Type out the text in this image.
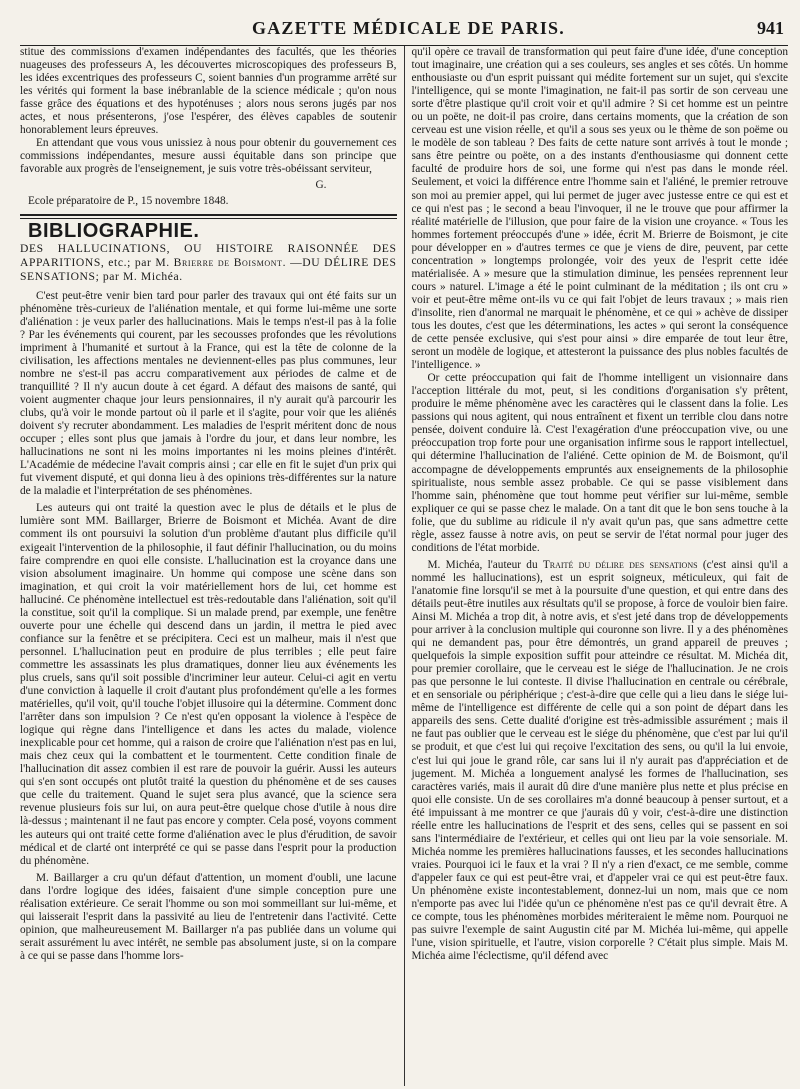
GAZETTE MÉDICALE DE PARIS.	941

stitue des commissions d'examen indépendantes des facultés, que les théories nuageuses des professeurs A, les découvertes microscopiques des professeurs B, les idées excentriques des professeurs C, soient bannies d'un programme arrêté sur les vérités qui forment la base inébranlable de la science médicale ; qu'on nous fasse grâce des équations et des hypoténuses ; alors nous serons jugés par nos actes, et nous présenterons, j'ose l'espérer, des élèves capables de soutenir honorablement leurs épreuves.

En attendant que vous vous unissiez à nous pour obtenir du gouvernement ces commissions indépendantes, mesure aussi équitable dans son principe que favorable aux progrès de l'enseignement, je suis votre très-obéissant serviteur,

G.

Ecole préparatoire de P., 15 novembre 1848.

BIBLIOGRAPHIE.

DES HALLUCINATIONS, OU HISTOIRE RAISONNÉE DES APPARITIONS, etc.; par M. Brierre de Boismont. —DU DÉLIRE DES SENSATIONS; par M. Michéa.

C'est peut-être venir bien tard pour parler des travaux qui ont été faits sur un phénomène très-curieux de l'aliénation mentale, et qui forme lui-même une sorte d'aliénation : je veux parler des hallucinations. Mais le temps n'est-il pas à la folie ? Par les événements qui courent, par les secousses profondes que les révolutions impriment à l'humanité et surtout à la France, qui est la tête de colonne de la civilisation, les affections mentales ne deviennent-elles pas plus communes, leur nombre ne s'est-il pas accru comparativement aux périodes de calme et de tranquillité ? Il n'y aucun doute à cet égard. A défaut des maisons de santé, qui voient augmenter chaque jour leurs pensionnaires, il n'y aurait qu'à parcourir les clubs, qu'à voir le monde partout où il parle et il s'agite, pour voir que les aliénés doivent s'y recruter abondamment. Les maladies de l'esprit méritent donc de nous occuper ; elles sont plus que jamais à l'ordre du jour, et dans leur nombre, les hallucinations ne sont ni les moins importantes ni les moins pleines d'intérêt. L'Académie de médecine l'avait compris ainsi ; car elle en fit le sujet d'un prix qui fut vivement disputé, et qui donna lieu à des opinions très-différentes sur la nature de la maladie et l'interprétation de ses phénomènes.

Les auteurs qui ont traité la question avec le plus de détails et le plus de lumière sont MM. Baillarger, Brierre de Boismont et Michéa. Avant de dire comment ils ont poursuivi la solution d'un problème d'autant plus difficile qu'il exigeait l'intervention de la philosophie, il faut définir l'hallucination, ou du moins faire comprendre en quoi elle consiste. L'hallucination est la croyance dans une vision absolument imaginaire. Un homme qui compose une scène dans son imagination, et qui croit la voir matériellement hors de lui, cet homme est halluciné. Ce phénomène intellectuel est très-redoutable dans l'aliénation, soit qu'il la constitue, soit qu'il la complique. Si un malade prend, par exemple, une fenêtre ouverte pour une échelle qui descend dans un jardin, il mettra le pied avec confiance sur la fenêtre et se précipitera. Ceci est un malheur, mais il n'est que personnel. L'hallucination peut en produire de plus terribles ; elle peut faire commettre les assassinats les plus dramatiques, donner lieu aux événements les plus cruels, sans qu'il soit possible d'incriminer leur auteur. Celui-ci agit en vertu d'une conviction à laquelle il croit d'autant plus profondément qu'elle a les formes matérielles, qu'il voit, qu'il touche l'objet illusoire qui la détermine. Comment donc l'arrêter dans son impulsion ? Ce n'est qu'en opposant la violence à l'espèce de logique qui règne dans l'intelligence et dans les actes du malade, violence inexplicable pour cet homme, qui a raison de croire que l'aliénation n'est pas en lui, mais chez ceux qui la combattent et le tourmentent. Cette condition finale de l'hallucination dit assez combien il est rare de pouvoir la guérir. Aussi les auteurs qui s'en sont occupés ont plutôt traité la question du phénomène et de ses causes que celle du traitement. Quand le sujet sera plus avancé, que la science sera revenue plusieurs fois sur lui, on aura peut-être quelque chose d'utile à nous dire là-dessus ; maintenant il ne faut pas encore y compter. Cela posé, voyons comment les auteurs qui ont traité cette forme d'aliénation avec le plus d'érudition, de savoir médical et de clarté ont interprété ce qui se passe dans l'esprit pour la production du phénomène.

M. Baillarger a cru qu'un défaut d'attention, un moment d'oubli, une lacune dans l'ordre logique des idées, faisaient d'une simple conception pure une réalisation extérieure. Ce serait l'homme ou son moi sommeillant sur lui-même, et qui laisserait l'esprit dans la passivité au lieu de l'entretenir dans l'activité. Cette opinion, que malheureusement M. Baillarger n'a pas publiée dans un volume qui serait assurément lu avec intérêt, ne semble pas absolument juste, si on la compare à ce qui se passe dans l'homme lors-

qu'il opère ce travail de transformation qui peut faire d'une idée, d'une conception tout imaginaire, une création qui a ses couleurs, ses angles et ses côtés. Un homme enthousiaste ou d'un esprit puissant qui médite fortement sur un sujet, qui s'excite l'intelligence, qui se monte l'imagination, ne fait-il pas sortir de son cerveau une sorte d'être plastique qu'il croit voir et qu'il admire ? Si cet homme est un peintre ou un poëte, ne doit-il pas croire, dans certains moments, que la création de son cerveau est une vision réelle, et qu'il a sous ses yeux ou le thème de son poëme ou le modèle de son tableau ? Des faits de cette nature sont arrivés à tout le monde ; sans être peintre ou poëte, on a des instants d'enthousiasme qui donnent cette faculté de produire hors de soi, une forme qui n'est pas dans le monde réel. Seulement, et voici la différence entre l'homme sain et l'aliéné, le premier retrouve son moi au premier appel, qui lui permet de juger avec justesse entre ce qui est et ce qui n'est pas ; le second a beau l'invoquer, il ne le trouve que pour affirmer la réalité matérielle de l'illusion, que pour faire de la vision une croyance. « Tous les hommes fortement préoccupés d'une » idée, écrit M. Brierre de Boismont, je cite pour développer en » d'autres termes ce que je viens de dire, peuvent, par cette concentration » longtemps prolongée, voir des yeux de l'esprit cette idée matérialisée. A » mesure que la stimulation diminue, les pensées reprennent leur cours » naturel. L'image a été le point culminant de la méditation ; ils ont cru » voir et peut-être même ont-ils vu ce qui fait l'objet de leurs travaux ; » mais rien d'insolite, rien d'anormal ne marquait le phénomène, et ce qui » achève de dissiper tous les doutes, c'est que les déterminations, les actes » qui seront la conséquence de cette pensée exclusive, qui s'est pour ainsi » dire emparée de tout leur être, seront un modèle de logique, et attesteront la puissance des plus nobles facultés de l'intelligence. »

Or cette préoccupation qui fait de l'homme intelligent un visionnaire dans l'acception littérale du mot, peut, si les conditions d'organisation s'y prêtent, produire le même phénomène avec les caractères qui le classent dans la folie. Les passions qui nous agitent, qui nous entraînent et fixent un terrible clou dans notre pensée, doivent conduire là. C'est l'exagération d'une préoccupation vive, ou une préoccupation trop forte pour une organisation infirme sous le rapport intellectuel, qui détermine l'hallucination de l'aliéné. Cette opinion de M. de Boismont, qu'il accompagne de développements empruntés aux enseignements de la philosophie spiritualiste, nous semble assez probable. Ce qui se passe visiblement dans l'homme sain, phénomène que tout homme peut vérifier sur lui-même, semble expliquer ce qui se passe chez le malade. On a tant dit que le bon sens touche à la folie, que du sublime au ridicule il n'y avait qu'un pas, que sans admettre cette règle, assez fausse à notre avis, on peut se servir de l'état normal pour juger des conditions de l'état morbide.

M. Michéa, l'auteur du Traité du délire des sensations (c'est ainsi qu'il a nommé les hallucinations), est un esprit soigneux, méticuleux, qui fait de l'anatomie fine lorsqu'il se met à la poursuite d'une question, et qui entre dans des détails peut-être inutiles aux résultats qu'il se propose, à force de vouloir bien faire. Ainsi M. Michéa a trop dit, à notre avis, et s'est jeté dans trop de développements pour arriver à la conclusion multiple qui couronne son livre. Il y a des phénomènes qui ne demandent pas, pour être démontrés, un grand appareil de preuves ; quelquefois la simple exposition suffit pour atteindre ce résultat. M. Michéa dit, pour premier corollaire, que le cerveau est le siége de l'hallucination. Je ne crois pas que personne le lui conteste. Il divise l'hallucination en centrale ou cérébrale, et en sensoriale ou périphérique ; c'est-à-dire que celle qui a lieu dans le siége lui-même de l'intelligence est différente de celle qui a son point de départ dans les appareils des sens. Cette dualité d'origine est très-admissible assurément ; mais il ne faut pas oublier que le cerveau est le siége du phénomène, que c'est par lui qu'il se produit, et que c'est lui qui reçoive l'excitation des sens, ou qu'il la lui envoie, c'est lui qui joue le grand rôle, car sans lui il n'y aurait pas d'appréciation et de jugement. M. Michéa a longuement analysé les formes de l'hallucination, ses caractères variés, mais il aurait dû dire d'une manière plus nette et plus précise en quoi elle consiste. Un de ses corollaires m'a donné beaucoup à penser surtout, et a été impuissant à me montrer ce que j'aurais dû y voir, c'est-à-dire une distinction réelle entre les hallucinations de l'esprit et des sens, celles qui se passent en soi sans l'intermédiaire de l'extérieur, et celles qui ont lieu par la voie sensoriale. M. Michéa nomme les premières hallucinations fausses, et les secondes hallucinations vraies. Pourquoi ici le faux et la vrai ? Il n'y a rien d'exact, ce me semble, comme d'appeler faux ce qui est peut-être vrai, et d'appeler vrai ce qui est peut-être faux. Un phénomène existe incontestablement, donnez-lui un nom, mais que ce nom n'emporte pas avec lui l'idée qu'un ce phénomène n'est pas ce qu'il devrait être. A ce compte, tous les phénomènes morbides mériteraient le même nom. Pourquoi ne pas suivre l'exemple de saint Augustin cité par M. Michéa lui-même, qui appelle l'une, vision spirituelle, et l'autre, vision corporelle ? C'était plus simple. Mais M. Michéa aime l'éclectisme, qu'il défend avec
